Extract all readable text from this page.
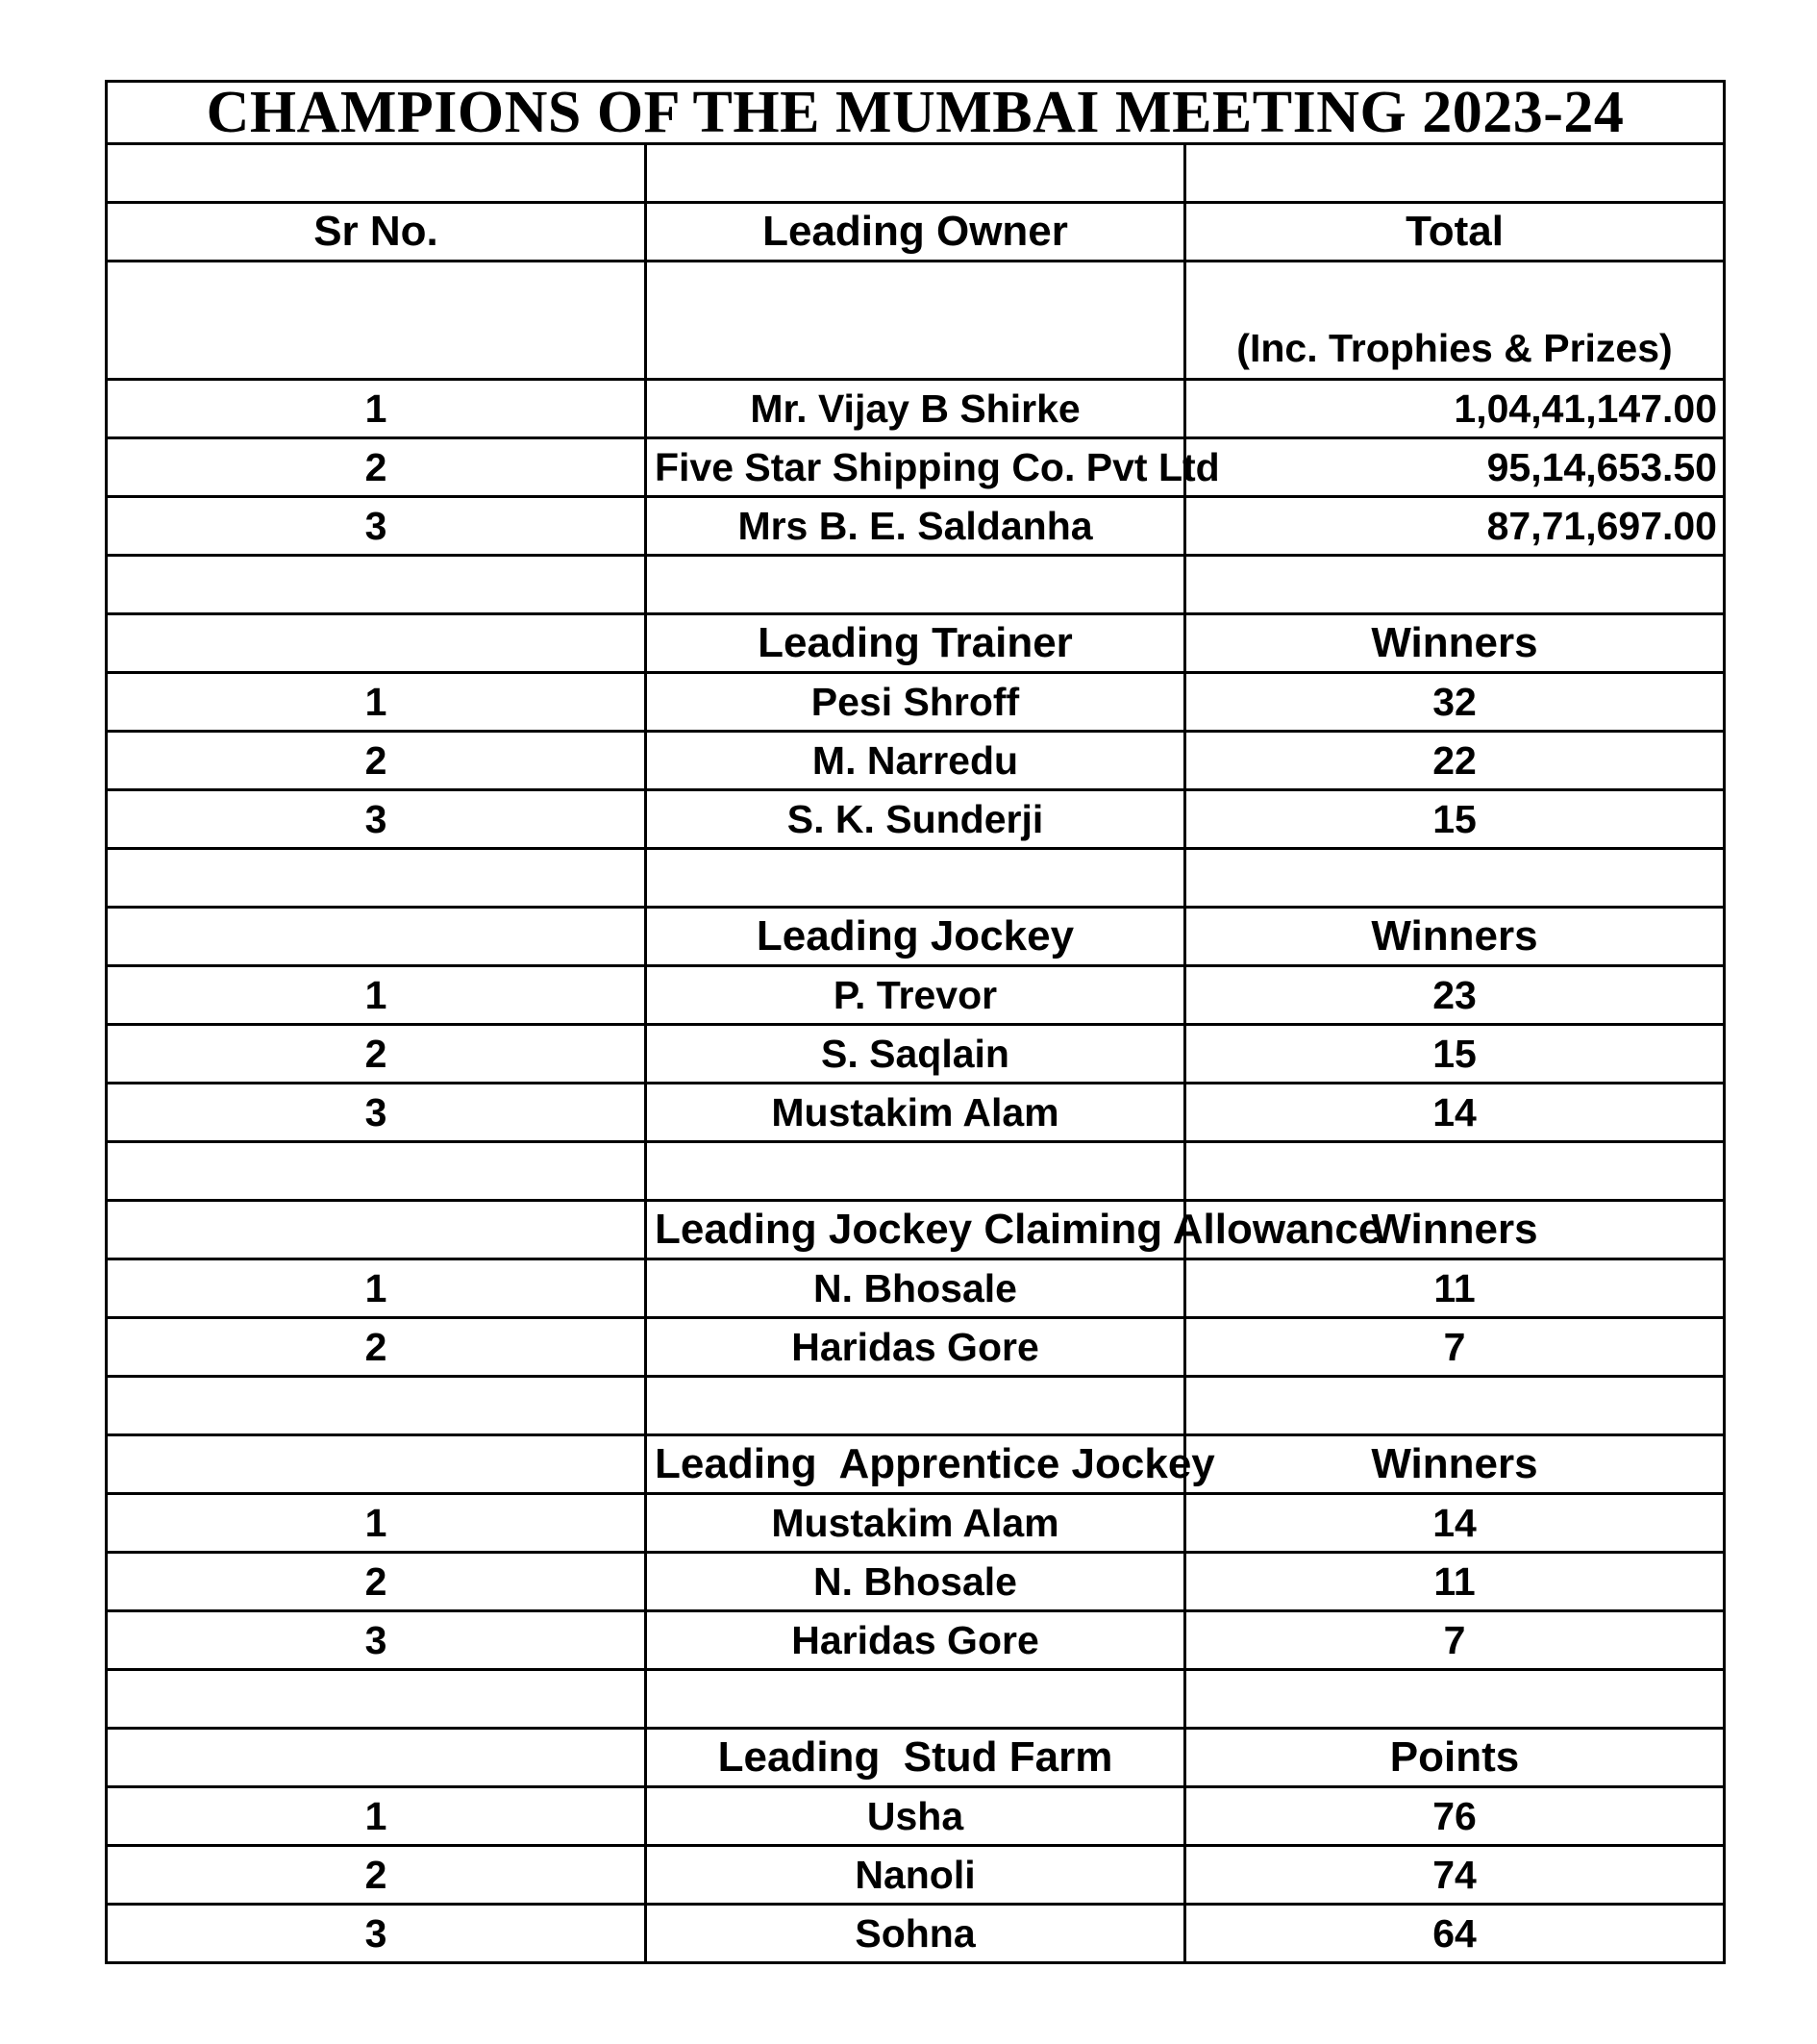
CHAMPIONS OF THE MUMBAI MEETING 2023-24		

Sr No.	Leading Owner	Total
		(Inc. Trophies & Prizes)
1	Mr. Vijay B Shirke	1,04,41,147.00
2	Five Star Shipping Co. Pvt Ltd	95,14,653.50
3	Mrs B. E. Saldanha	87,71,697.00

	Leading Trainer	Winners
1	Pesi Shroff	32
2	M. Narredu	22
3	S. K. Sunderji	15

	Leading Jockey	Winners
1	P. Trevor	23
2	S. Saqlain	15
3	Mustakim Alam	14

	Leading Jockey Claiming Allowance	Winners
1	N. Bhosale	11
2	Haridas Gore	7

	Leading  Apprentice Jockey	Winners
1	Mustakim Alam	14
2	N. Bhosale	11
3	Haridas Gore	7

	Leading  Stud Farm	Points
1	Usha	76
2	Nanoli	74
3	Sohna	64
